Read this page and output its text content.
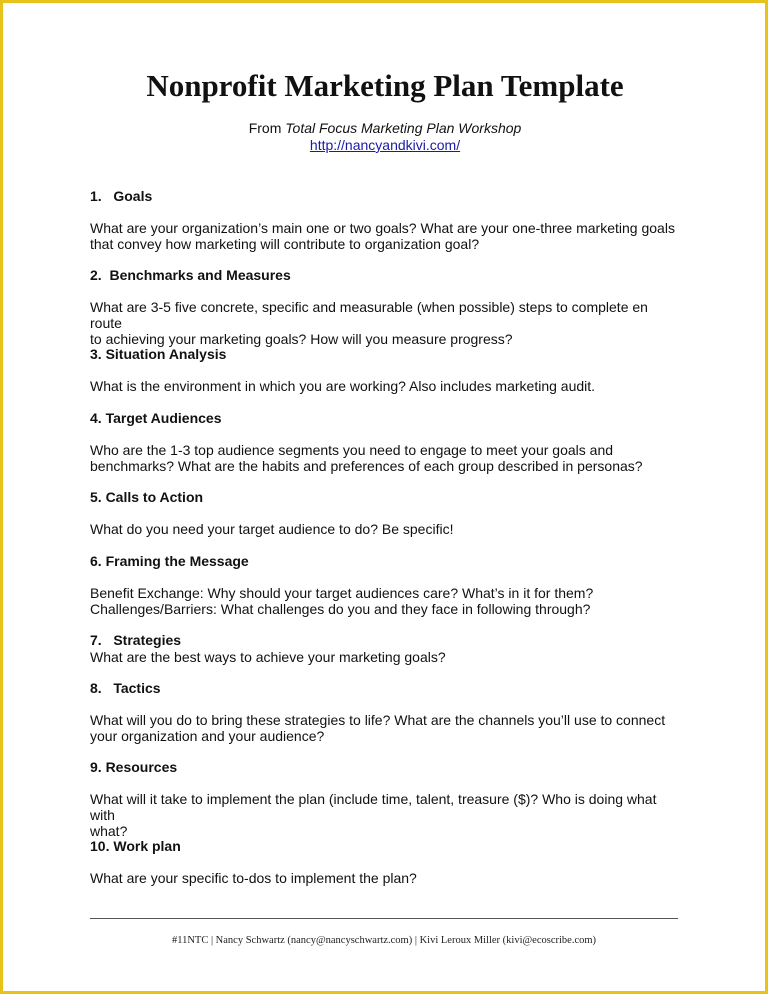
Nonprofit Marketing Plan Template
From Total Focus Marketing Plan Workshop
http://nancyandkivi.com/

1.   Goals

What are your organization’s main one or two goals? What are your one-three marketing goals
that convey how marketing will contribute to organization goal?

2.  Benchmarks and Measures

What are 3-5 five concrete, specific and measurable (when possible) steps to complete en route
to achieving your marketing goals? How will you measure progress?

3. Situation Analysis

What is the environment in which you are working? Also includes marketing audit.

4. Target Audiences

Who are the 1-3 top audience segments you need to engage to meet your goals and
benchmarks? What are the habits and preferences of each group described in personas?

5. Calls to Action

What do you need your target audience to do? Be specific!

6. Framing the Message

Benefit Exchange: Why should your target audiences care? What’s in it for them?
Challenges/Barriers: What challenges do you and they face in following through?

7.   Strategies

What are the best ways to achieve your marketing goals?

8.   Tactics

What will you do to bring these strategies to life? What are the channels you’ll use to connect
your organization and your audience?

9. Resources

What will it take to implement the plan (include time, talent, treasure ($)? Who is doing what with
what?

10. Work plan

What are your specific to-dos to implement the plan?

#11NTC | Nancy Schwartz (nancy@nancyschwartz.com) | Kivi Leroux Miller (kivi@ecoscribe.com)
